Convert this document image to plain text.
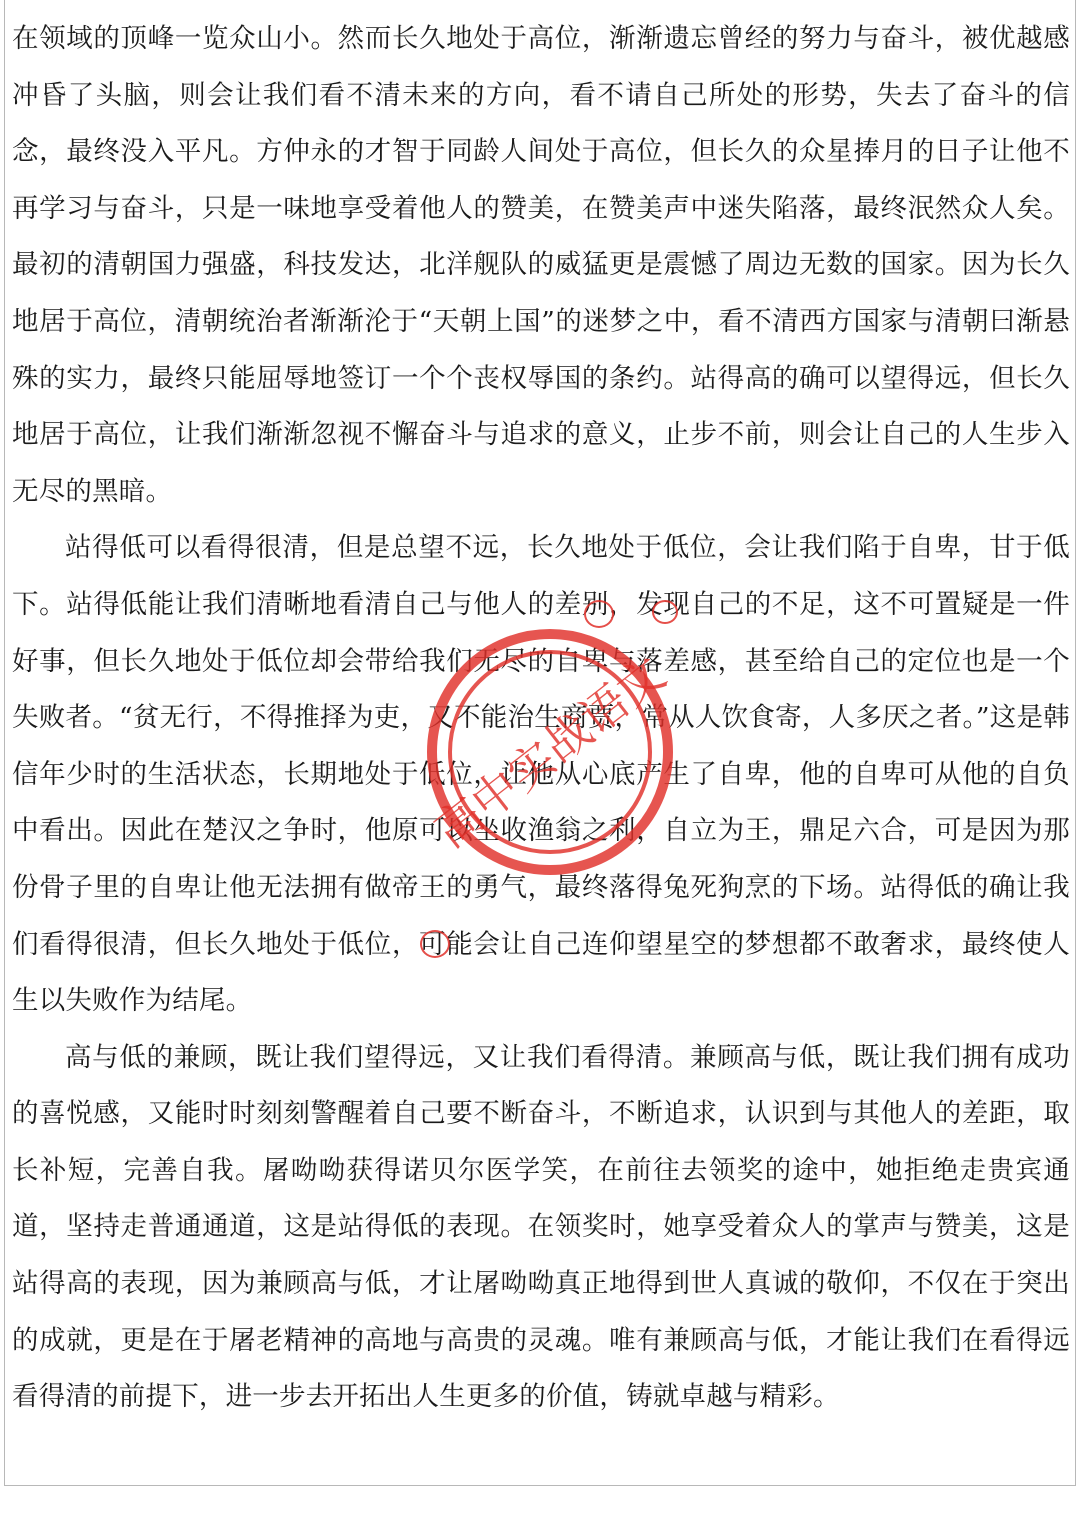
在领域的顶峰一览众山小。然而长久地处于高位，渐渐遗忘曾经的努力与奋斗，被优越感冲昏了头脑，则会让我们看不清未来的方向，看不请自己所处的形势，失去了奋斗的信念，最终没入平凡。方仲永的才智于同龄人间处于高位，但长久的众星捧月的日子让他不再学习与奋斗，只是一味地享受着他人的赞美，在赞美声中迷失陷落，最终泯然众人矣。最初的清朝国力强盛，科技发达，北洋舰队的威猛更是震憾了周边无数的国家。因为长久地居于高位，清朝统治者渐渐沦于“天朝上国”的迷梦之中，看不清西方国家与清朝曰渐悬殊的实力，最终只能屈辱地签订一个个丧权辱国的条约。站得高的确可以望得远，但长久地居于高位，让我们渐渐忽视不懈奋斗与追求的意义，止步不前，则会让自己的人生步入无尽的黑暗。

站得低可以看得很清，但是总望不远，长久地处于低位，会让我们陷于自卑，甘于低下。站得低能让我们清晰地看清自己与他人的差别，发现自己的不足，这不可置疑是一件好事，但长久地处于低位却会带给我们无尽的自卑与落差感，甚至给自己的定位也是一个失败者。“贫无行，不得推择为吏，又不能治生商贾，常从人饮食寄，人多厌之者。”这是韩信年少时的生活状态，长期地处于低位，让他从心底产生了自卑，他的自卑可从他的自负中看出。因此在楚汉之争时，他原可以坐收渔翁之利，自立为王，鼎足六合，可是因为那份骨子里的自卑让他无法拥有做帝王的勇气，最终落得兔死狗烹的下场。站得低的确让我们看得很清，但长久地处于低位，可能会让自己连仰望星空的梦想都不敢奢求，最终使人生以失败作为结尾。

高与低的兼顾，既让我们望得远，又让我们看得清。兼顾高与低，既让我们拥有成功的喜悦感，又能时时刻刻警醒着自己要不断奋斗，不断追求，认识到与其他人的差距，取长补短，完善自我。屠呦呦获得诺贝尔医学笑，在前往去领奖的途中，她拒绝走贵宾通道，坚持走普通通道，这是站得低的表现。在领奖时，她享受着众人的掌声与赞美，这是站得高的表现，因为兼顾高与低，才让屠呦呦真正地得到世人真诚的敬仰，不仅在于突出的成就，更是在于屠老精神的高地与高贵的灵魂。唯有兼顾高与低，才能让我们在看得远看得清的前提下，进一步去开拓出人生更多的价值，铸就卓越与精彩。

高中实战语文
